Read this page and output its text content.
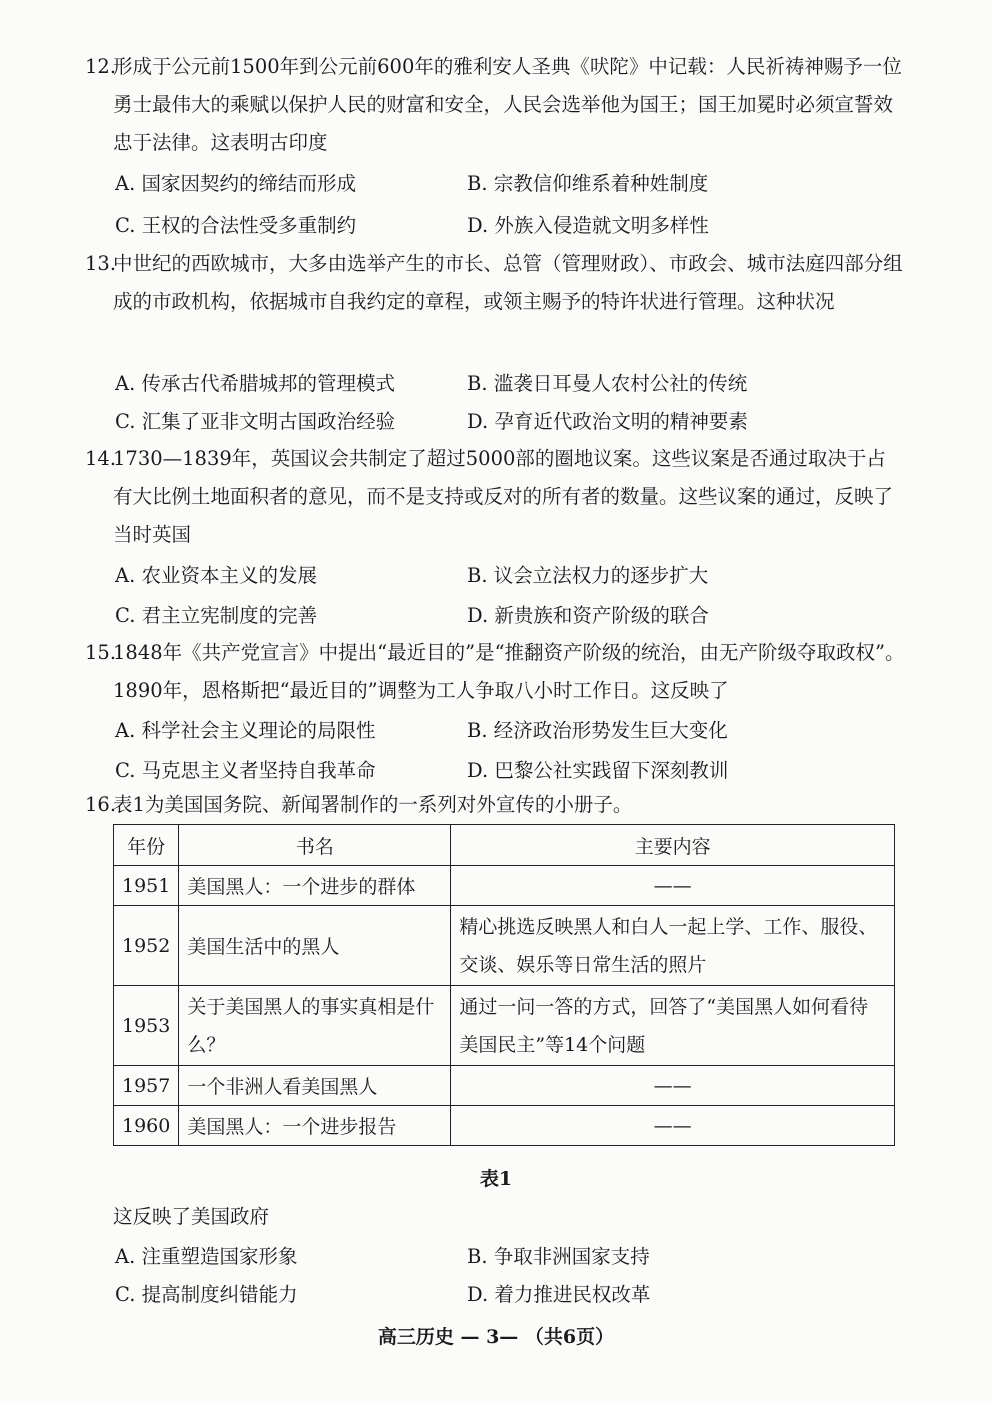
12.
形成于公元前1500年到公元前600年的雅利安人圣典《吠陀》中记载：人民祈祷神赐予一位勇士最伟大的乘赋以保护人民的财富和安全，人民会选举他为国王；国王加冕时必须宣誓效忠于法律。这表明古印度
A. 国家因契约的缔结而形成	B. 宗教信仰维系着种姓制度
C. 王权的合法性受多重制约	D. 外族入侵造就文明多样性
13.
中世纪的西欧城市，大多由选举产生的市长、总管（管理财政）、市政会、城市法庭四部分组成的市政机构，依据城市自我约定的章程，或领主赐予的特许状进行管理。这种状况
A. 传承古代希腊城邦的管理模式	B. 滥袭日耳曼人农村公社的传统
C. 汇集了亚非文明古国政治经验	D. 孕育近代政治文明的精神要素
14.
1730—1839年，英国议会共制定了超过5000部的圈地议案。这些议案是否通过取决于占有大比例土地面积者的意见，而不是支持或反对的所有者的数量。这些议案的通过，反映了当时英国
A. 农业资本主义的发展	B. 议会立法权力的逐步扩大
C. 君主立宪制度的完善	D. 新贵族和资产阶级的联合
15.
1848年《共产党宣言》中提出“最近目的”是“推翻资产阶级的统治，由无产阶级夺取政权”。1890年，恩格斯把“最近目的”调整为工人争取八小时工作日。这反映了
A. 科学社会主义理论的局限性	B. 经济政治形势发生巨大变化
C. 马克思主义者坚持自我革命	D. 巴黎公社实践留下深刻教训
16.
表1为美国国务院、新闻署制作的一系列对外宣传的小册子。
年份	书名	主要内容
1951	美国黑人：一个进步的群体	——
1952	美国生活中的黑人	精心挑选反映黑人和白人一起上学、工作、服役、交谈、娱乐等日常生活的照片
1953	关于美国黑人的事实真相是什么？	通过一问一答的方式，回答了“美国黑人如何看待美国民主”等14个问题
1957	一个非洲人看美国黑人	——
1960	美国黑人：一个进步报告	——
表1
这反映了美国政府
A. 注重塑造国家形象	B. 争取非洲国家支持
C. 提高制度纠错能力	D. 着力推进民权改革
高三历史 — 3— （共6页）
